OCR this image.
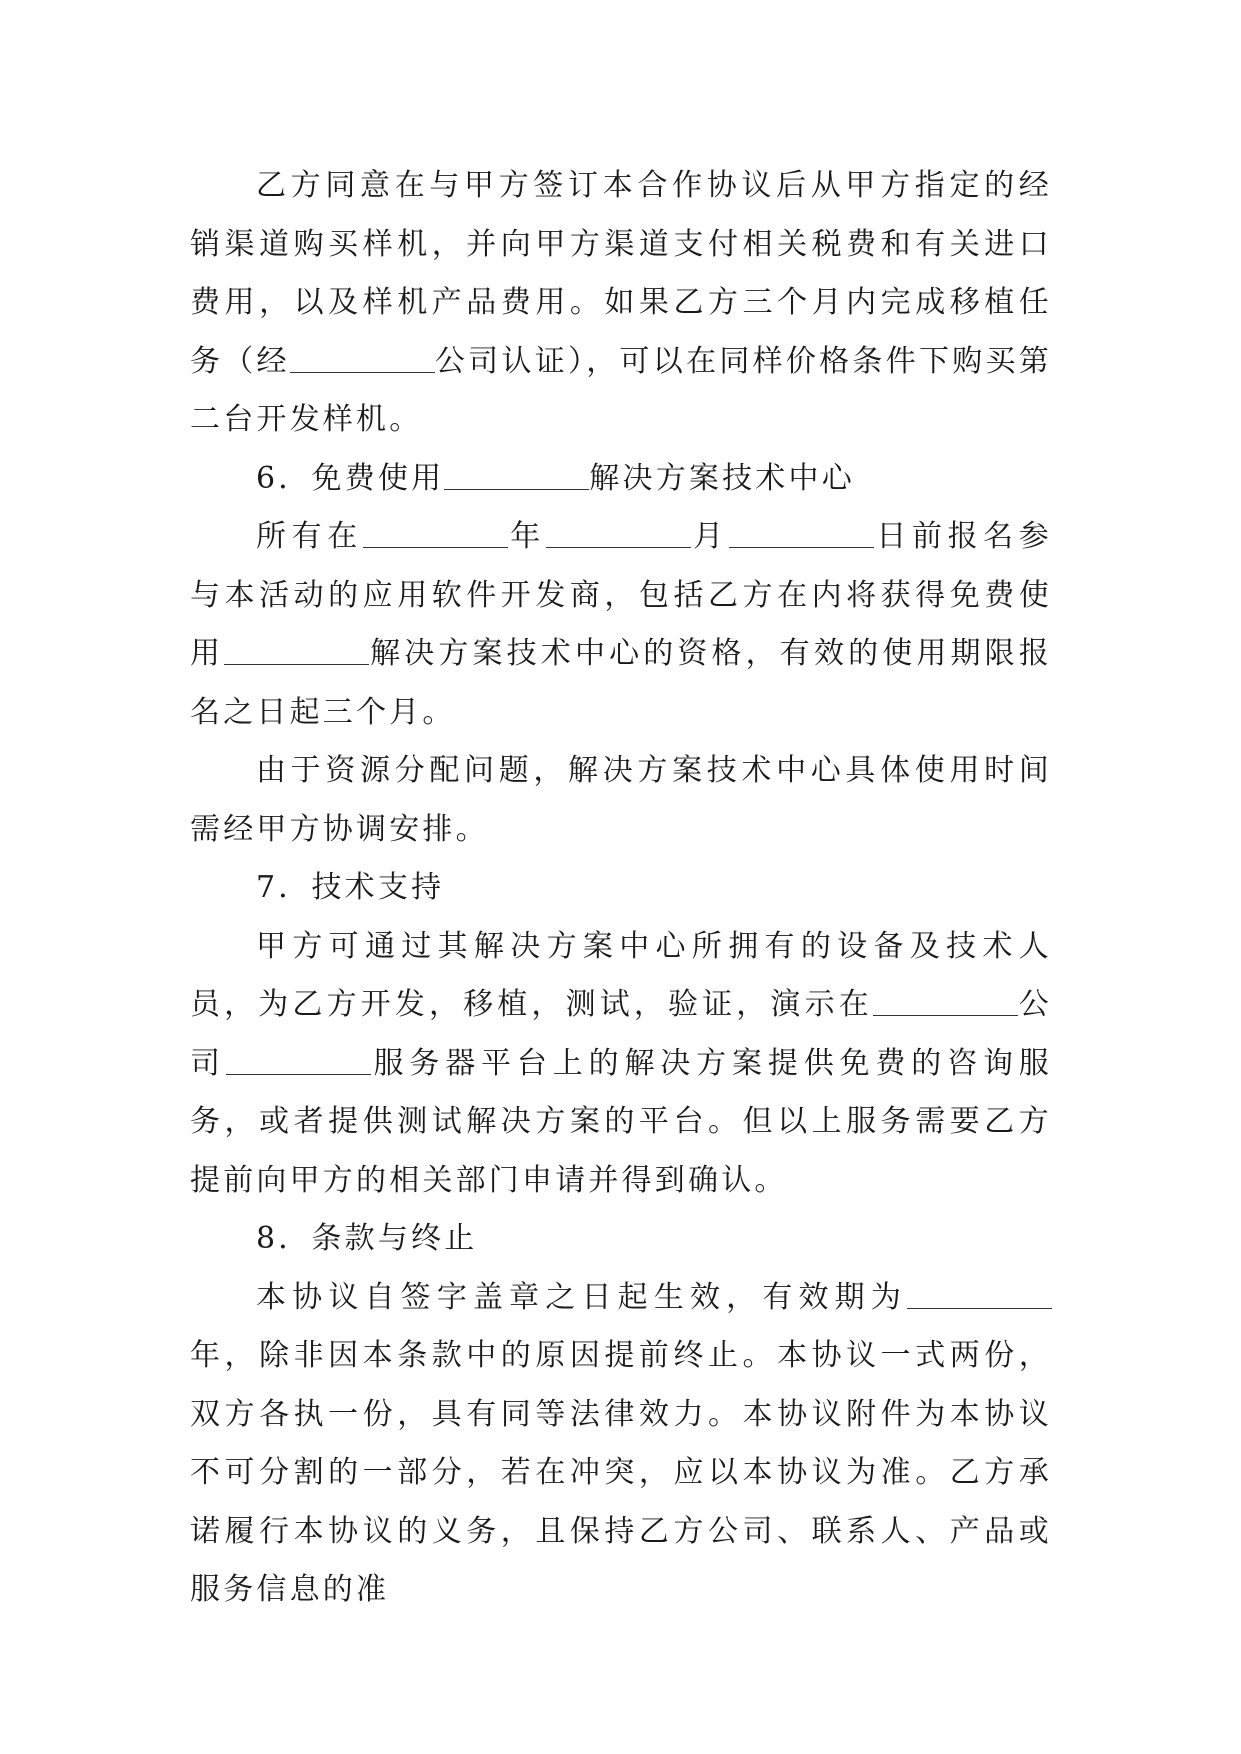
乙方同意在与甲方签订本合作协议后从甲方指定的经销渠道购买样机，并向甲方渠道支付相关税费和有关进口费用，以及样机产品费用。如果乙方三个月内完成移植任务（经	公司认证），可以在同样价格条件下购买第二台开发样机。

6．免费使用	解决方案技术中心

所有在	年	月	日前报名参与本活动的应用软件开发商，包括乙方在内将获得免费使用	解决方案技术中心的资格，有效的使用期限报名之日起三个月。

由于资源分配问题，解决方案技术中心具体使用时间需经甲方协调安排。

7．技术支持

甲方可通过其解决方案中心所拥有的设备及技术人员，为乙方开发，移植，测试，验证，演示在	公司	服务器平台上的解决方案提供免费的咨询服务，或者提供测试解决方案的平台。但以上服务需要乙方提前向甲方的相关部门申请并得到确认。

8．条款与终止

本协议自签字盖章之日起生效，有效期为年，除非因本条款中的原因提前终止。本协议一式两份，双方各执一份，具有同等法律效力。本协议附件为本协议不可分割的一部分，若在冲突，应以本协议为准。乙方承诺履行本协议的义务，且保持乙方公司、联系人、产品或服务信息的准
